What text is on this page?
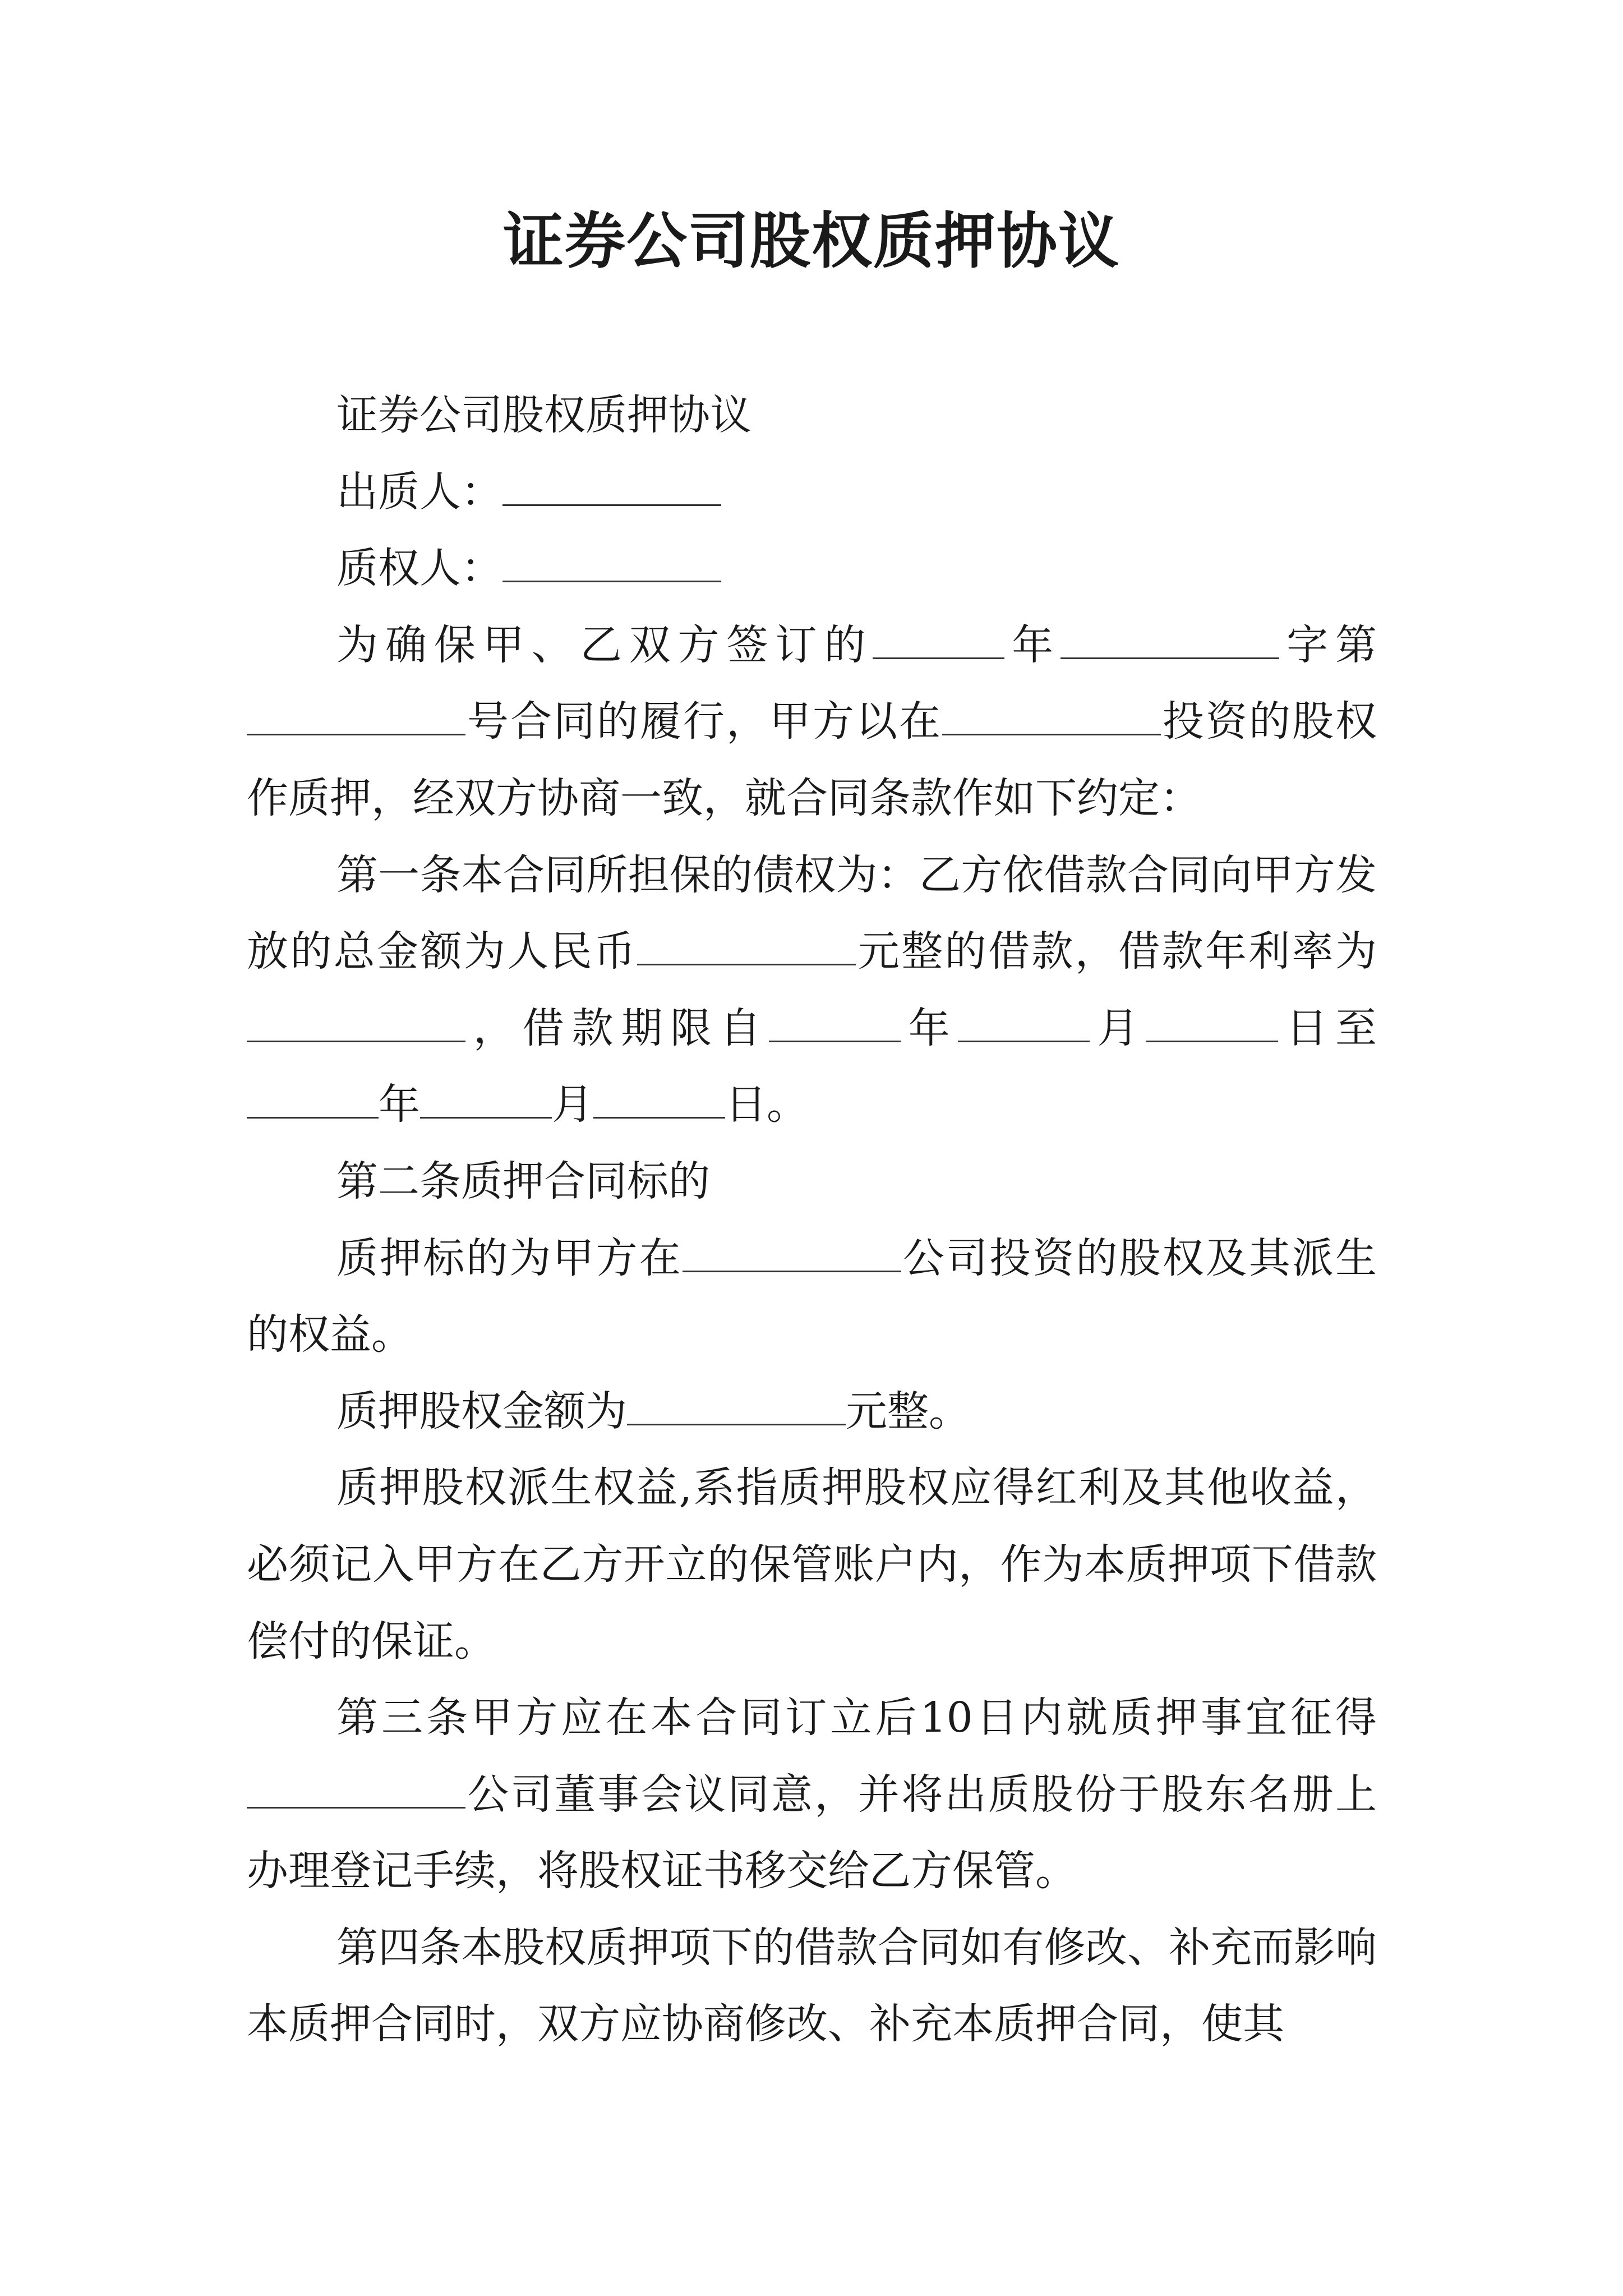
证券公司股权质押协议

证券公司股权质押协议

出质人：

质权人：

为确保甲、乙双方签订的	年	字第号合同的履行，甲方以在	投资的股权作质押，经双方协商一致，就合同条款作如下约定：

第一条本合同所担保的债权为：乙方依借款合同向甲方发放的总金额为人民币	元整的借款，借款年利率为，借款期限自	年	月	日至年	月	日。

第二条质押合同标的

质押标的为甲方在	公司投资的股权及其派生的权益。

质押股权金额为	元整。

质押股权派生权益,系指质押股权应得红利及其他收益，必须记入甲方在乙方开立的保管账户内，作为本质押项下借款偿付的保证。

第三条甲方应在本合同订立后10日内就质押事宜征得公司董事会议同意，并将出质股份于股东名册上办理登记手续，将股权证书移交给乙方保管。

第四条本股权质押项下的借款合同如有修改、补充而影响本质押合同时，双方应协商修改、补充本质押合同，使其
